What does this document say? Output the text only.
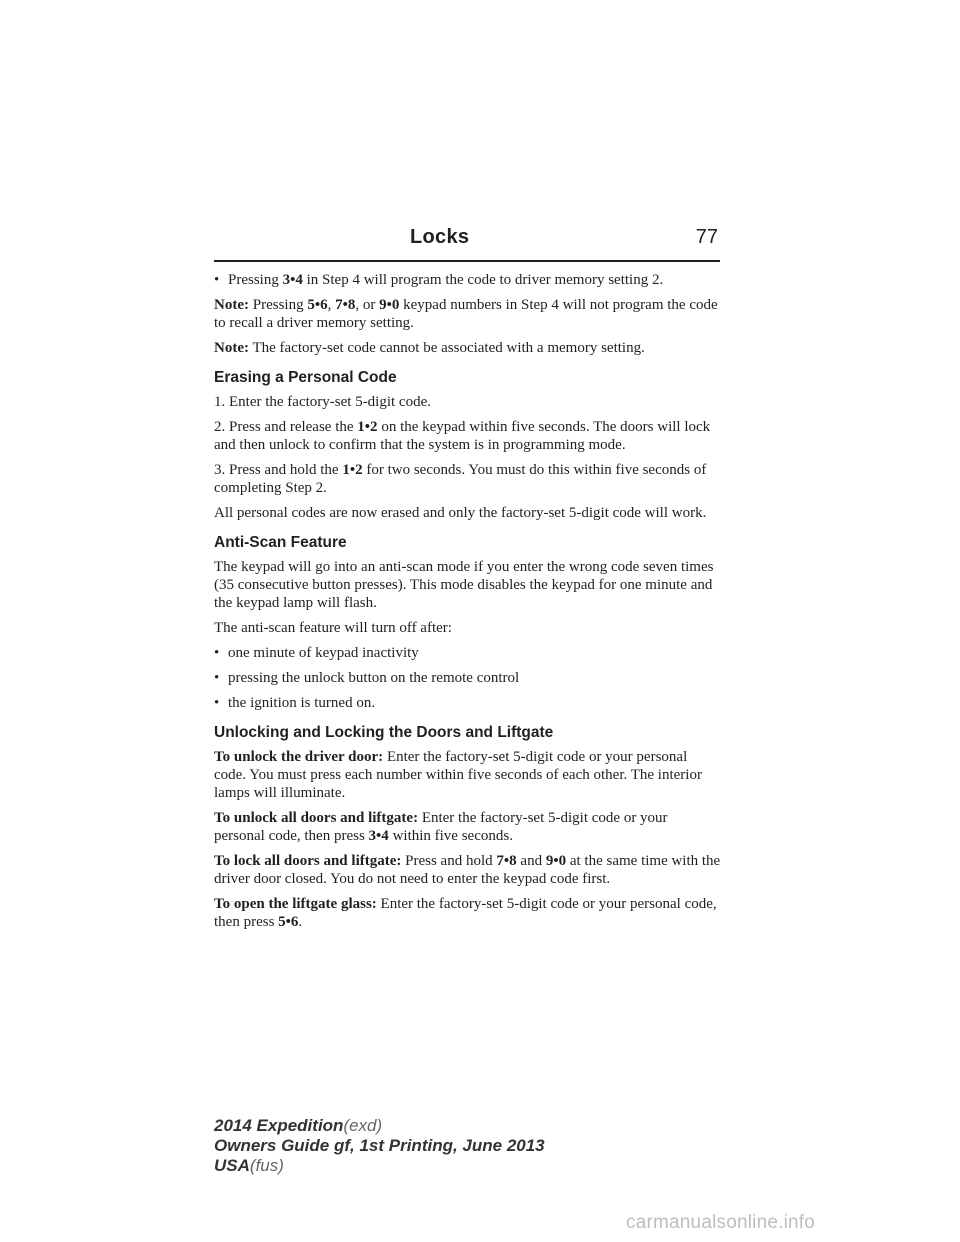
Locks	77
• Pressing 3•4 in Step 4 will program the code to driver memory setting 2.

Note: Pressing 5•6, 7•8, or 9•0 keypad numbers in Step 4 will not program the code to recall a driver memory setting.

Note: The factory-set code cannot be associated with a memory setting.

Erasing a Personal Code

1. Enter the factory-set 5-digit code.

2. Press and release the 1•2 on the keypad within five seconds. The doors will lock and then unlock to confirm that the system is in programming mode.

3. Press and hold the 1•2 for two seconds. You must do this within five seconds of completing Step 2.

All personal codes are now erased and only the factory-set 5-digit code will work.

Anti-Scan Feature

The keypad will go into an anti-scan mode if you enter the wrong code seven times (35 consecutive button presses). This mode disables the keypad for one minute and the keypad lamp will flash.

The anti-scan feature will turn off after:

• one minute of keypad inactivity
• pressing the unlock button on the remote control
• the ignition is turned on.
Unlocking and Locking the Doors and Liftgate

To unlock the driver door: Enter the factory-set 5-digit code or your personal code. You must press each number within five seconds of each other. The interior lamps will illuminate.

To unlock all doors and liftgate: Enter the factory-set 5-digit code or your personal code, then press 3•4 within five seconds.

To lock all doors and liftgate: Press and hold 7•8 and 9•0 at the same time with the driver door closed. You do not need to enter the keypad code first.

To open the liftgate glass: Enter the factory-set 5-digit code or your personal code, then press 5•6.

2014 Expedition(exd)
Owners Guide gf, 1st Printing, June 2013
USA(fus)
carmanualsonline.info
